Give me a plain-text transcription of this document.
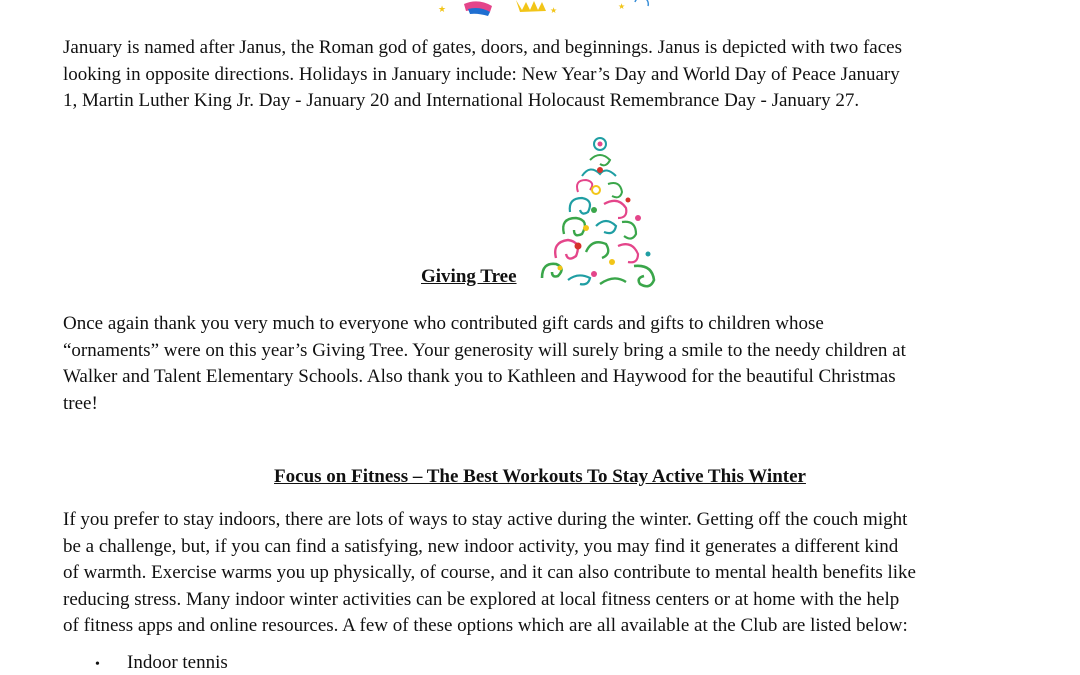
★	★	★

January is named after Janus, the Roman god of gates, doors, and beginnings. Janus is depicted with two faces
looking in opposite directions. Holidays in January include: New Year’s Day and World Day of Peace January
1, Martin Luther King Jr. Day - January 20 and International Holocaust Remembrance Day - January 27.

Giving Tree

Once again thank you very much to everyone who contributed gift cards and gifts to children whose
“ornaments” were on this year’s Giving Tree. Your generosity will surely bring a smile to the needy children at
Walker and Talent Elementary Schools. Also thank you to Kathleen and Haywood for the beautiful Christmas
tree!

Focus on Fitness – The Best Workouts To Stay Active This Winter

If you prefer to stay indoors, there are lots of ways to stay active during the winter. Getting off the couch might
be a challenge, but, if you can find a satisfying, new indoor activity, you may find it generates a different kind
of warmth. Exercise warms you up physically, of course, and it can also contribute to mental health benefits like
reducing stress. Many indoor winter activities can be explored at local fitness centers or at home with the help
of fitness apps and online resources. A few of these options which are all available at the Club are listed below:

•	Indoor tennis
